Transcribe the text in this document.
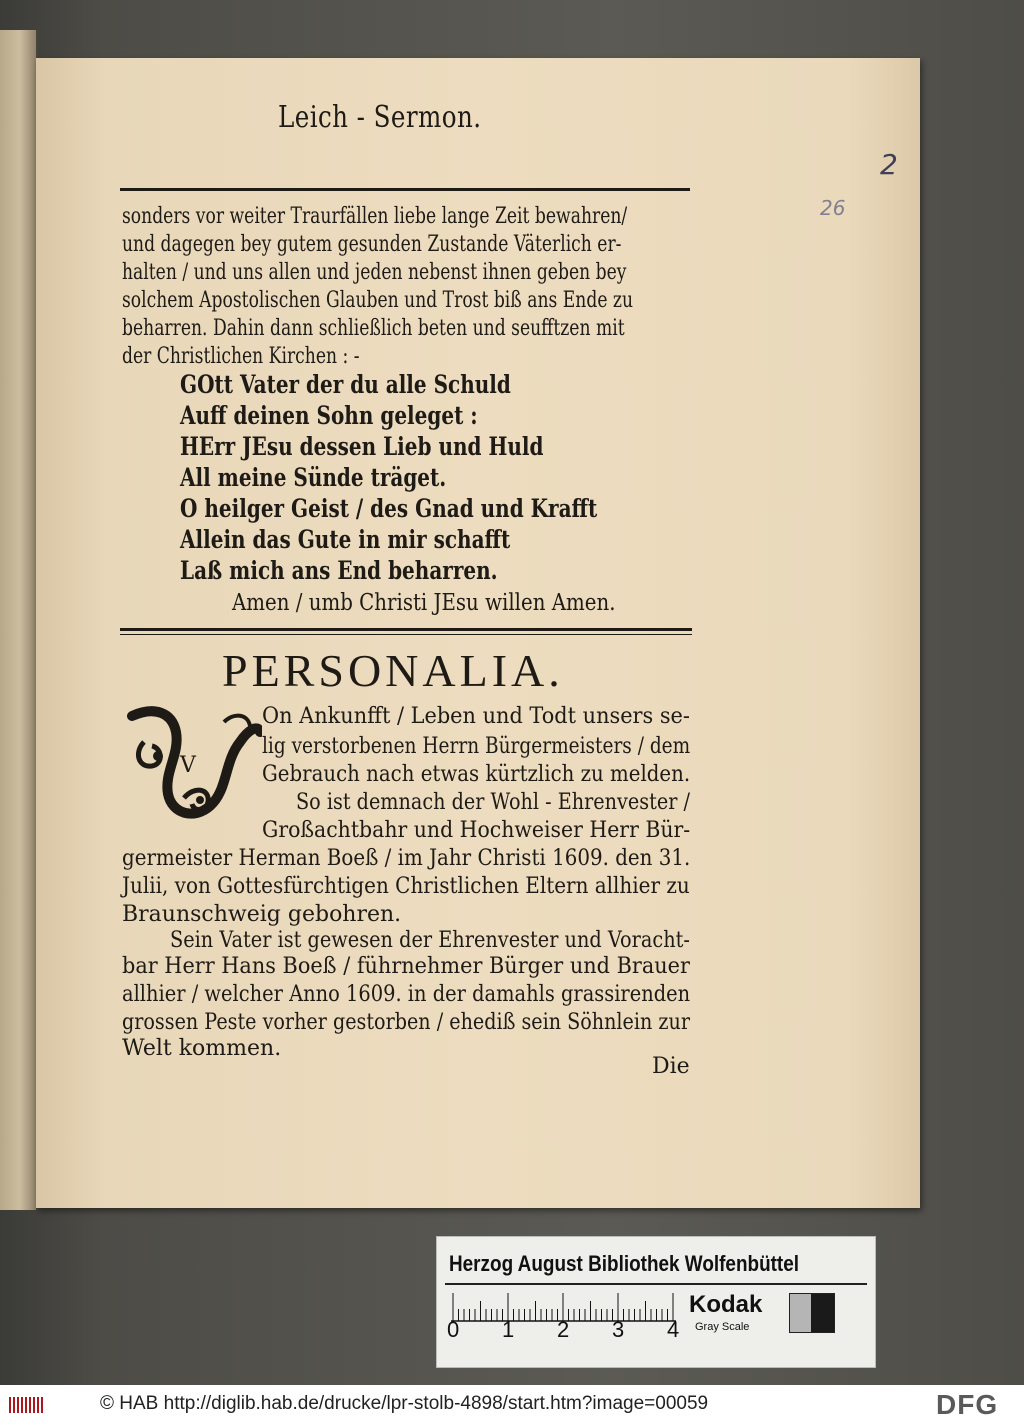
Leich - Sermon.
2
26
sonders vor weiter Traurfällen liebe lange Zeit bewahren/
und dagegen bey gutem gesunden Zustande Väterlich er-
halten / und uns allen und jeden nebenst ihnen geben bey
solchem Apostolischen Glauben und Trost biß ans Ende zu
beharren. Dahin dann schließlich beten und seufftzen mit
der Christlichen Kirchen : -
GOtt Vater der du alle Schuld
Auff deinen Sohn geleget :
HErr JEsu dessen Lieb und Huld
All meine Sünde träget.
O heilger Geist / des Gnad und Krafft
Allein das Gute in mir schafft
Laß mich ans End beharren.
Amen / umb Christi JEsu willen Amen.
PERSONALIA.
V
On Ankunfft / Leben und Todt unsers se-
lig verstorbenen Herrn Bürgermeisters / dem
Gebrauch nach etwas kürtzlich zu melden.
So ist demnach der Wohl - Ehrenvester /
Großachtbahr und Hochweiser Herr Bür-
germeister Herman Boeß / im Jahr Christi 1609. den 31.
Julii, von Gottesfürchtigen Christlichen Eltern allhier zu
Braunschweig gebohren.
Sein Vater ist gewesen der Ehrenvester und Voracht-
bar Herr Hans Boeß / führnehmer Bürger und Brauer
allhier / welcher Anno 1609. in der damahls grassirenden
grossen Peste vorher gestorben / ehediß sein Söhnlein zur
Welt kommen.
Die
Herzog August Bibliothek Wolfenbüttel
0 1 2 3 4
Kodak
Gray Scale
© HAB http://diglib.hab.de/drucke/lpr-stolb-4898/start.htm?image=00059	DFG
